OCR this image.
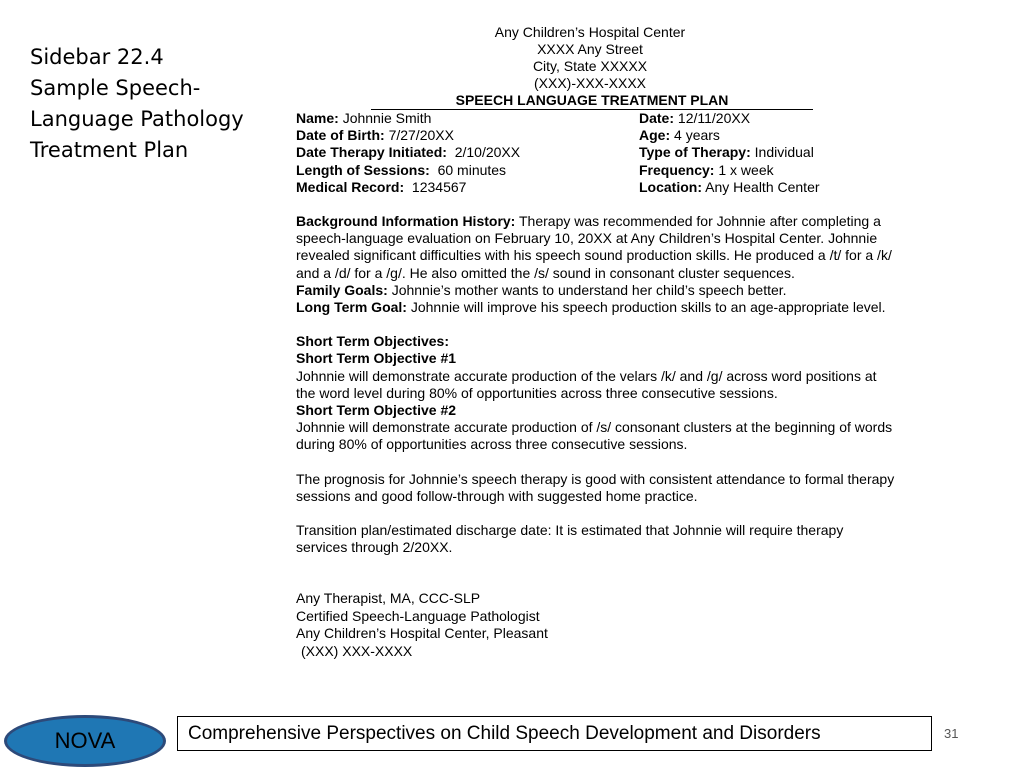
Sidebar 22.4
Sample Speech-
Language Pathology
Treatment Plan
Any Children’s Hospital Center
XXXX Any Street
City, State XXXXX
(XXX)-XXX-XXXX
SPEECH LANGUAGE TREATMENT PLAN
Name: Johnnie Smith	Date: 12/11/20XX
Date of Birth: 7/27/20XX	Age: 4 years
Date Therapy Initiated: 2/10/20XX	Type of Therapy: Individual
Length of Sessions: 60 minutes	Frequency: 1 x week
Medical Record: 1234567	Location: Any Health Center

Background Information History: Therapy was recommended for Johnnie after completing a speech-language evaluation on February 10, 20XX at Any Children’s Hospital Center. Johnnie revealed significant difficulties with his speech sound production skills. He produced a /t/ for a /k/ and a /d/ for a /g/. He also omitted the /s/ sound in consonant cluster sequences.

Family Goals: Johnnie’s mother wants to understand her child’s speech better.

Long Term Goal: Johnnie will improve his speech production skills to an age-appropriate level.

Short Term Objectives:

Short Term Objective #1

Johnnie will demonstrate accurate production of the velars /k/ and /g/ across word positions at the word level during 80% of opportunities across three consecutive sessions.

Short Term Objective #2

Johnnie will demonstrate accurate production of /s/ consonant clusters at the beginning of words during 80% of opportunities across three consecutive sessions.

The prognosis for Johnnie’s speech therapy is good with consistent attendance to formal therapy sessions and good follow-through with suggested home practice.

Transition plan/estimated discharge date: It is estimated that Johnnie will require therapy services through 2/20XX.

Any Therapist, MA, CCC-SLP
Certified Speech-Language Pathologist
Any Children’s Hospital Center, Pleasant
(XXX) XXX-XXXX
NOVA	Comprehensive Perspectives on Child Speech Development and Disorders	31
